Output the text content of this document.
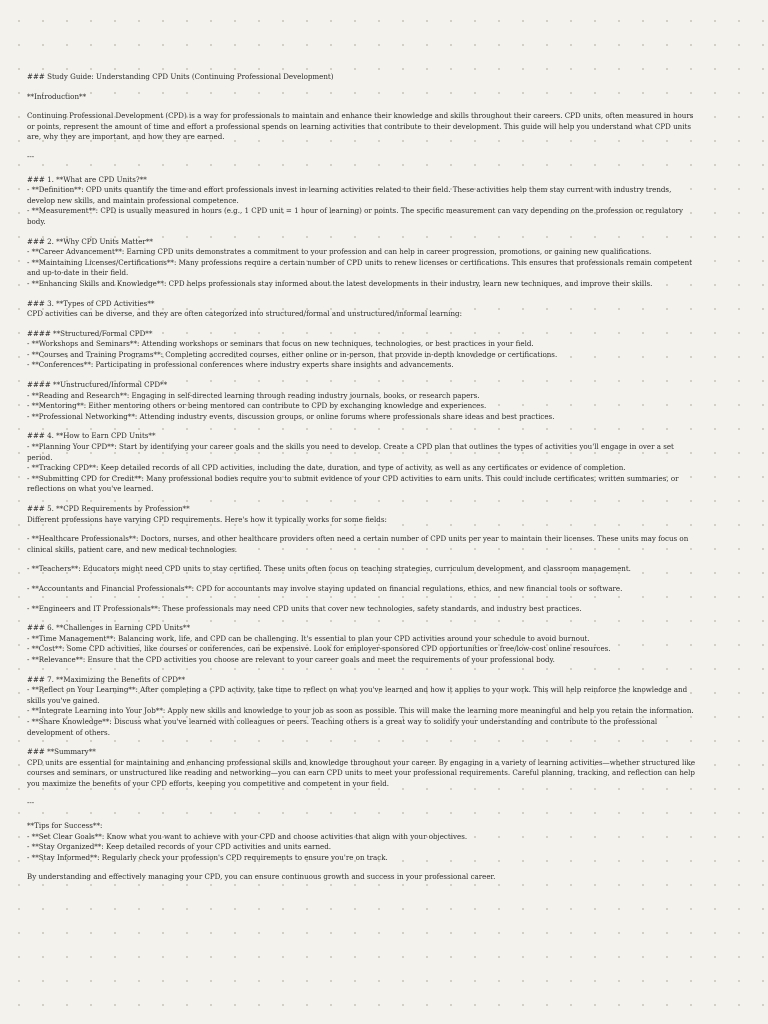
### Study Guide: Understanding CPD Units (Continuing Professional Development)
**Introduction**
Continuing Professional Development (CPD) is a way for professionals to maintain and enhance their knowledge and skills throughout their careers. CPD units, often measured in hours or points, represent the amount of time and effort a professional spends on learning activities that contribute to their development. This guide will help you understand what CPD units are, why they are important, and how they are earned.
---
### 1. **What are CPD Units?**
- **Definition**: CPD units quantify the time and effort professionals invest in learning activities related to their field. These activities help them stay current with industry trends, develop new skills, and maintain professional competence.
- **Measurement**: CPD is usually measured in hours (e.g., 1 CPD unit = 1 hour of learning) or points. The specific measurement can vary depending on the profession or regulatory body.
### 2. **Why CPD Units Matter**
- **Career Advancement**: Earning CPD units demonstrates a commitment to your profession and can help in career progression, promotions, or gaining new qualifications.
- **Maintaining Licenses/Certifications**: Many professions require a certain number of CPD units to renew licenses or certifications. This ensures that professionals remain competent and up-to-date in their field.
- **Enhancing Skills and Knowledge**: CPD helps professionals stay informed about the latest developments in their industry, learn new techniques, and improve their skills.
### 3. **Types of CPD Activities**
CPD activities can be diverse, and they are often categorized into structured/formal and unstructured/informal learning:
#### **Structured/Formal CPD**
- **Workshops and Seminars**: Attending workshops or seminars that focus on new techniques, technologies, or best practices in your field.
- **Courses and Training Programs**: Completing accredited courses, either online or in-person, that provide in-depth knowledge or certifications.
- **Conferences**: Participating in professional conferences where industry experts share insights and advancements.
#### **Unstructured/Informal CPD**
- **Reading and Research**: Engaging in self-directed learning through reading industry journals, books, or research papers.
- **Mentoring**: Either mentoring others or being mentored can contribute to CPD by exchanging knowledge and experiences.
- **Professional Networking**: Attending industry events, discussion groups, or online forums where professionals share ideas and best practices.
### 4. **How to Earn CPD Units**
- **Planning Your CPD**: Start by identifying your career goals and the skills you need to develop. Create a CPD plan that outlines the types of activities you'll engage in over a set period.
- **Tracking CPD**: Keep detailed records of all CPD activities, including the date, duration, and type of activity, as well as any certificates or evidence of completion.
- **Submitting CPD for Credit**: Many professional bodies require you to submit evidence of your CPD activities to earn units. This could include certificates, written summaries, or reflections on what you've learned.
### 5. **CPD Requirements by Profession**
Different professions have varying CPD requirements. Here's how it typically works for some fields:
- **Healthcare Professionals**: Doctors, nurses, and other healthcare providers often need a certain number of CPD units per year to maintain their licenses. These units may focus on clinical skills, patient care, and new medical technologies.
- **Teachers**: Educators might need CPD units to stay certified. These units often focus on teaching strategies, curriculum development, and classroom management.
- **Accountants and Financial Professionals**: CPD for accountants may involve staying updated on financial regulations, ethics, and new financial tools or software.
- **Engineers and IT Professionals**: These professionals may need CPD units that cover new technologies, safety standards, and industry best practices.
### 6. **Challenges in Earning CPD Units**
- **Time Management**: Balancing work, life, and CPD can be challenging. It's essential to plan your CPD activities around your schedule to avoid burnout.
- **Cost**: Some CPD activities, like courses or conferences, can be expensive. Look for employer-sponsored CPD opportunities or free/low-cost online resources.
- **Relevance**: Ensure that the CPD activities you choose are relevant to your career goals and meet the requirements of your professional body.
### 7. **Maximizing the Benefits of CPD**
- **Reflect on Your Learning**: After completing a CPD activity, take time to reflect on what you've learned and how it applies to your work. This will help reinforce the knowledge and skills you've gained.
- **Integrate Learning into Your Job**: Apply new skills and knowledge to your job as soon as possible. This will make the learning more meaningful and help you retain the information.
- **Share Knowledge**: Discuss what you've learned with colleagues or peers. Teaching others is a great way to solidify your understanding and contribute to the professional development of others.
### **Summary**
CPD units are essential for maintaining and enhancing professional skills and knowledge throughout your career. By engaging in a variety of learning activities—whether structured like courses and seminars, or unstructured like reading and networking—you can earn CPD units to meet your professional requirements. Careful planning, tracking, and reflection can help you maximize the benefits of your CPD efforts, keeping you competitive and competent in your field.
---
**Tips for Success**:
- **Set Clear Goals**: Know what you want to achieve with your CPD and choose activities that align with your objectives.
- **Stay Organized**: Keep detailed records of your CPD activities and units earned.
- **Stay Informed**: Regularly check your profession's CPD requirements to ensure you're on track.
By understanding and effectively managing your CPD, you can ensure continuous growth and success in your professional career.
